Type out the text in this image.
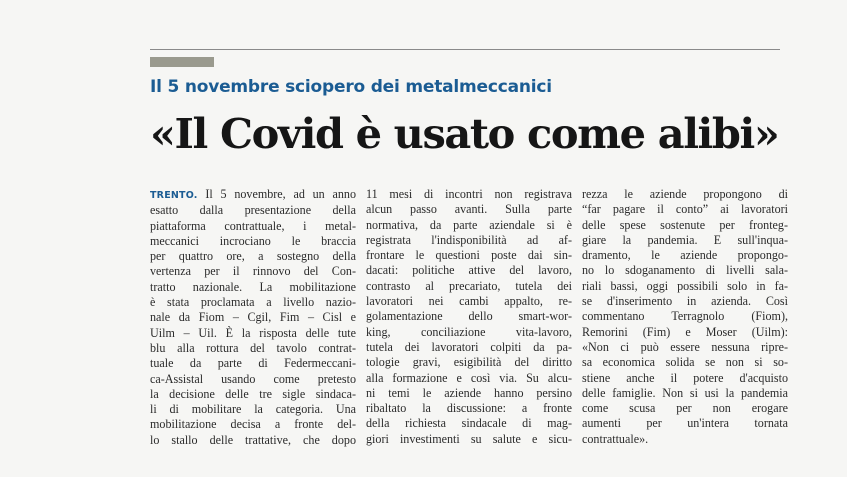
Il 5 novembre sciopero dei metalmeccanici
«Il Covid è usato come alibi»
TRENTO. Il 5 novembre, ad un anno
esatto dalla presentazione della
piattaforma contrattuale, i metal-
meccanici incrociano le braccia
per quattro ore, a sostegno della
vertenza per il rinnovo del Con-
tratto nazionale. La mobilitazione
è stata proclamata a livello nazio-
nale da Fiom – Cgil, Fim – Cisl e
Uilm – Uil. È la risposta delle tute
blu alla rottura del tavolo contrat-
tuale da parte di Federmeccani-
ca-Assistal usando come pretesto
la decisione delle tre sigle sindaca-
li di mobilitare la categoria. Una
mobilitazione decisa a fronte del-
lo stallo delle trattative, che dopo
11 mesi di incontri non registrava
alcun passo avanti. Sulla parte
normativa, da parte aziendale si è
registrata l'indisponibilità ad af-
frontare le questioni poste dai sin-
dacati: politiche attive del lavoro,
contrasto al precariato, tutela dei
lavoratori nei cambi appalto, re-
golamentazione dello smart-wor-
king, conciliazione vita-lavoro,
tutela dei lavoratori colpiti da pa-
tologie gravi, esigibilità del diritto
alla formazione e così via. Su alcu-
ni temi le aziende hanno persino
ribaltato la discussione: a fronte
della richiesta sindacale di mag-
giori investimenti su salute e sicu-
rezza le aziende propongono di
“far pagare il conto” ai lavoratori
delle spese sostenute per fronteg-
giare la pandemia. E sull'inqua-
dramento, le aziende propongo-
no lo sdoganamento di livelli sala-
riali bassi, oggi possibili solo in fa-
se d'inserimento in azienda. Così
commentano Terragnolo (Fiom),
Remorini (Fim) e Moser (Uilm):
«Non ci può essere nessuna ripre-
sa economica solida se non si so-
stiene anche il potere d'acquisto
delle famiglie. Non si usi la pandemia
come scusa per non erogare
aumenti per un'intera tornata
contrattuale».
